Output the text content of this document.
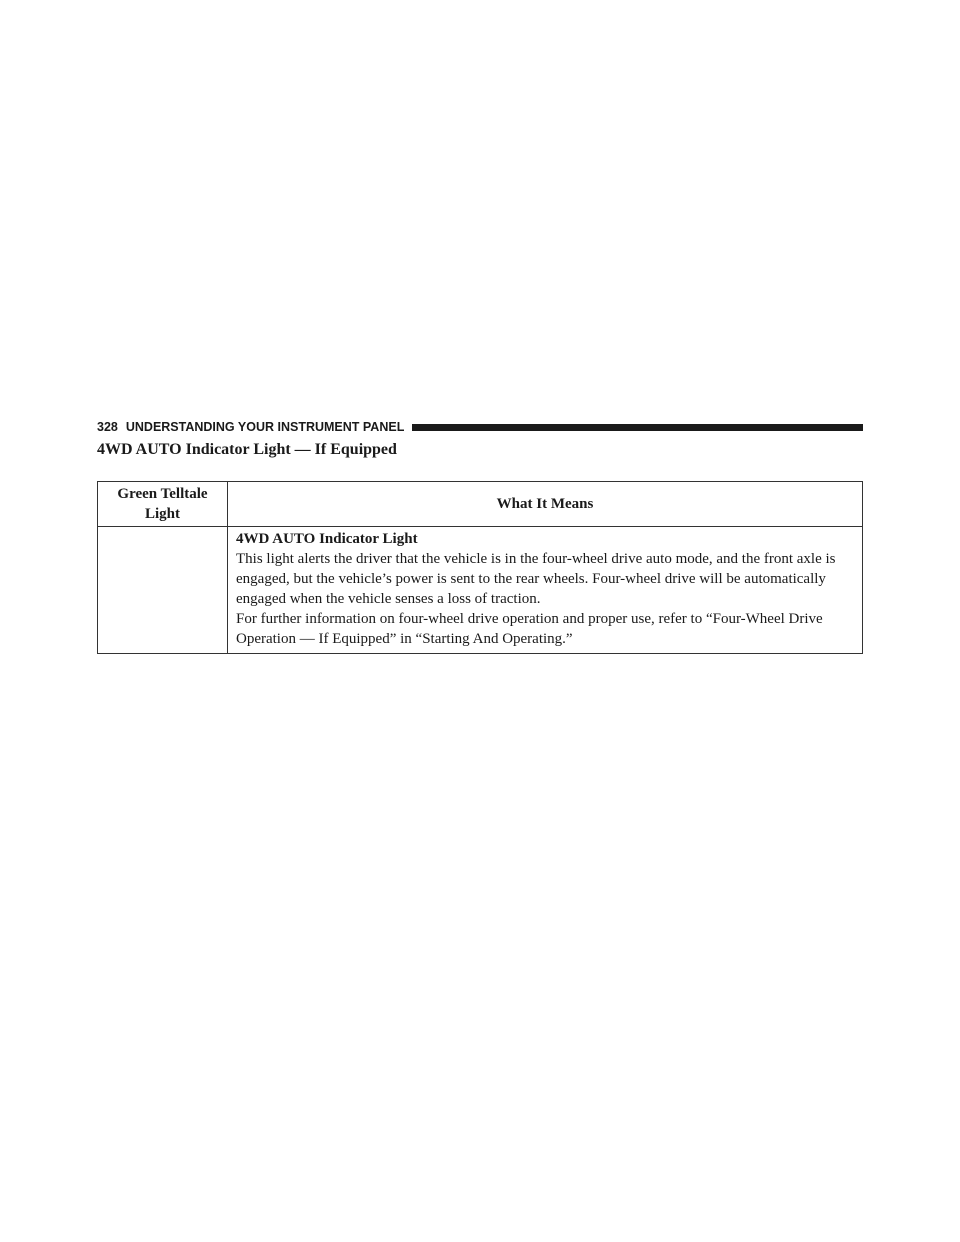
328 UNDERSTANDING YOUR INSTRUMENT PANEL
4WD AUTO Indicator Light — If Equipped
Green Telltale Light	What It Means

	4WD AUTO Indicator Light
This light alerts the driver that the vehicle is in the four-wheel drive auto mode, and the front axle is engaged, but the vehicle’s power is sent to the rear wheels. Four-wheel drive will be automatically engaged when the vehicle senses a loss of traction.
For further information on four-wheel drive operation and proper use, refer to “Four-Wheel Drive Operation — If Equipped” in “Starting And Operating.”
